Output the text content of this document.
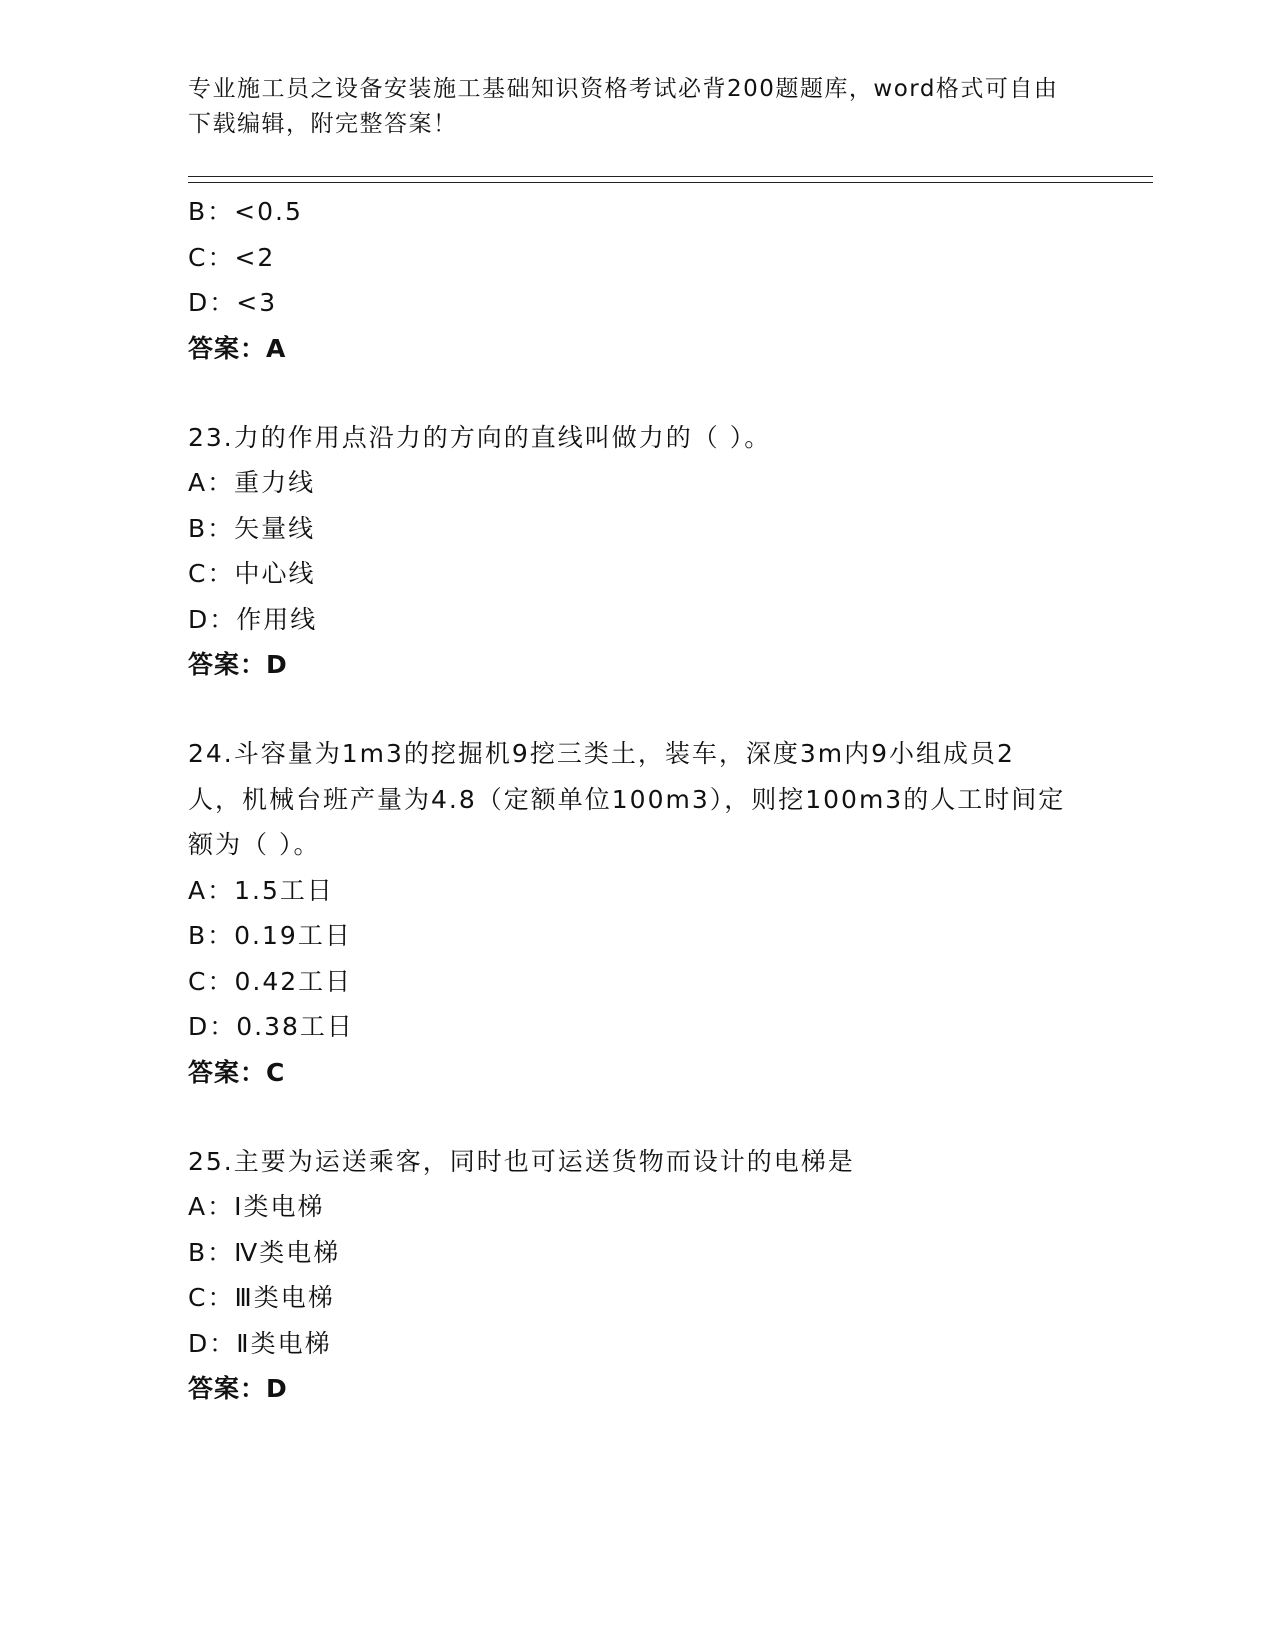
专业施工员之设备安装施工基础知识资格考试必背200题题库，word格式可自由
下载编辑，附完整答案！
B：<0.5
C：<2
D：<3
答案：A
23.力的作用点沿力的方向的直线叫做力的（ ）。
A：重力线
B：矢量线
C：中心线
D：作用线
答案：D
24.斗容量为1m3的挖掘机9挖三类土，装车，深度3m内9小组成员2人，机械台班产量为4.8（定额单位100m3），则挖100m3的人工时间定额为（ ）。
A：1.5工日
B：0.19工日
C：0.42工日
D：0.38工日
答案：C
25.主要为运送乘客，同时也可运送货物而设计的电梯是
A：I类电梯
B：Ⅳ类电梯
C：Ⅲ类电梯
D：Ⅱ类电梯
答案：D
